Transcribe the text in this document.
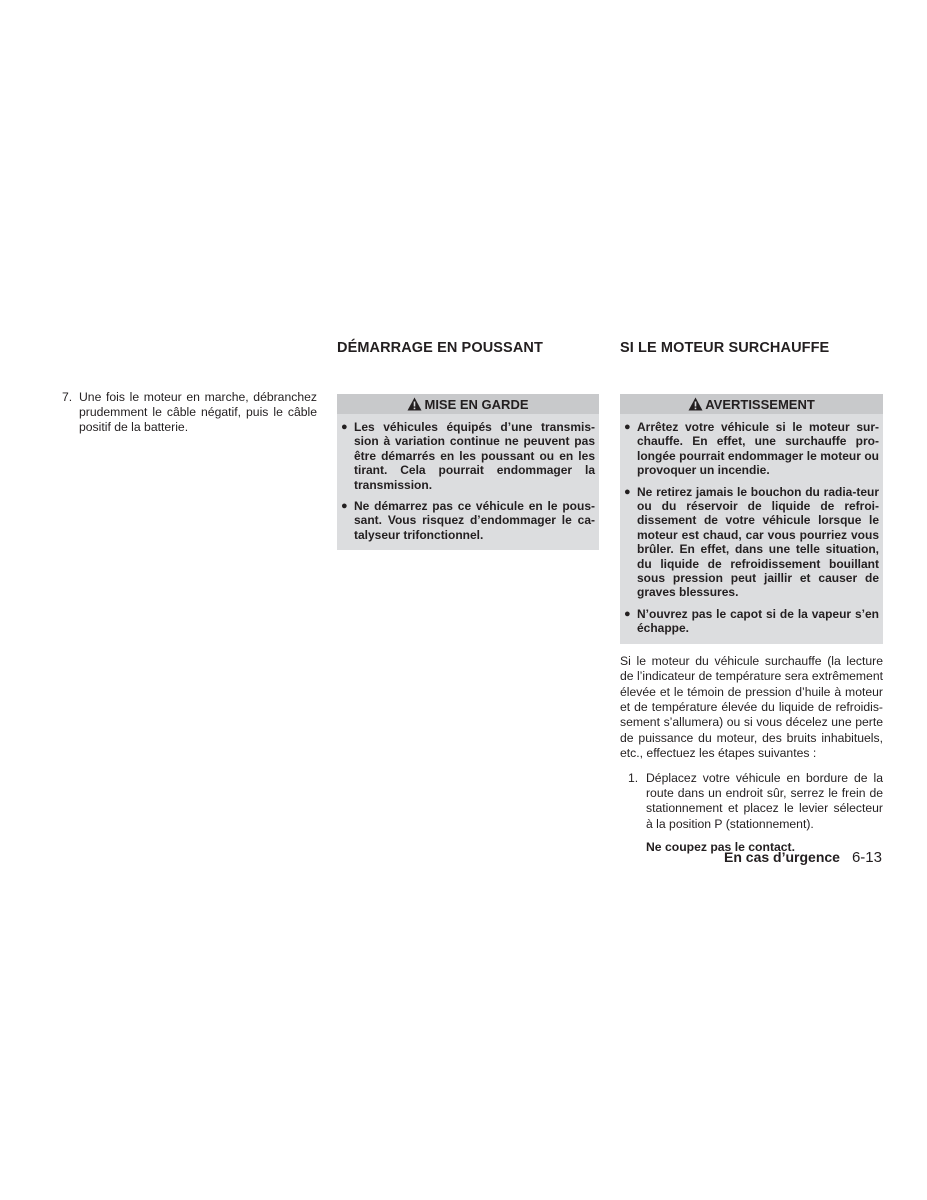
7. Une fois le moteur en marche, débranchez prudemment le câble négatif, puis le câble positif de la batterie.
DÉMARRAGE EN POUSSANT
MISE EN GARDE
● Les véhicules équipés d’une transmis-sion à variation continue ne peuvent pas être démarrés en les poussant ou en les tirant. Cela pourrait endommager la transmission.
● Ne démarrez pas ce véhicule en le pous-sant. Vous risquez d’endommager le ca-talyseur trifonctionnel.
SI LE MOTEUR SURCHAUFFE
AVERTISSEMENT
● Arrêtez votre véhicule si le moteur sur-chauffe. En effet, une surchauffe pro-longée pourrait endommager le moteur ou provoquer un incendie.
● Ne retirez jamais le bouchon du radia-teur ou du réservoir de liquide de refroi-dissement de votre véhicule lorsque le moteur est chaud, car vous pourriez vous brûler. En effet, dans une telle situation, du liquide de refroidissement bouillant sous pression peut jaillir et causer de graves blessures.
● N’ouvrez pas le capot si de la vapeur s’en échappe.

Si le moteur du véhicule surchauffe (la lecture de l’indicateur de température sera extrêmement élevée et le témoin de pression d’huile à moteur et de température élevée du liquide de refroidis-sement s’allumera) ou si vous décelez une perte de puissance du moteur, des bruits inhabituels, etc., effectuez les étapes suivantes :

1. Déplacez votre véhicule en bordure de la route dans un endroit sûr, serrez le frein de stationnement et placez le levier sélecteur à la position P (stationnement).
Ne coupez pas le contact.
En cas d’urgence 6-13
